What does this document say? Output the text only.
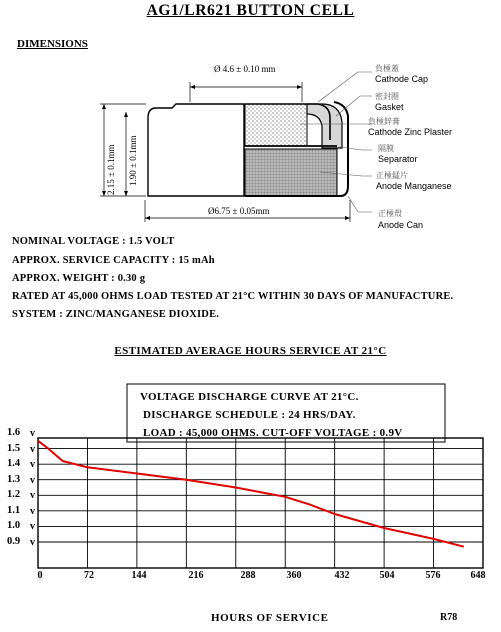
AG1/LR621 BUTTON CELL
DIMENSIONS
Ø 4.6 ± 0.10 mm
Ø6.75 ± 0.05mm
2.15 ± 0.1mm 1.90 ± 0.1mm
負極蓋
Cathode Cap
密封圈
Gasket
負極鋅膏
Cathode Zinc Plaster
隔膜
Separator
正極錳片
Anode Manganese
正極殼
Anode Can
NOMINAL VOLTAGE : 1.5 VOLT
APPROX. SERVICE CAPACITY : 15 mAh
APPROX. WEIGHT : 0.30 g
RATED AT 45,000 OHMS LOAD TESTED AT 21°C WITHIN 30 DAYS OF MANUFACTURE.
SYSTEM : ZINC/MANGANESE DIOXIDE.
ESTIMATED AVERAGE HOURS SERVICE AT 21°C
VOLTAGE DISCHARGE CURVE AT 21°C.
DISCHARGE SCHEDULE : 24 HRS/DAY.
LOAD : 45,000 OHMS. CUT-OFF VOLTAGE : 0.9V
1.6
1.5
1.4
1.3
1.2
1.1
1.0
0.9
v
v
v
v
v
v
v
v
0	72	144	216	288	360	432	504	576	648
HOURS OF SERVICE	R78
